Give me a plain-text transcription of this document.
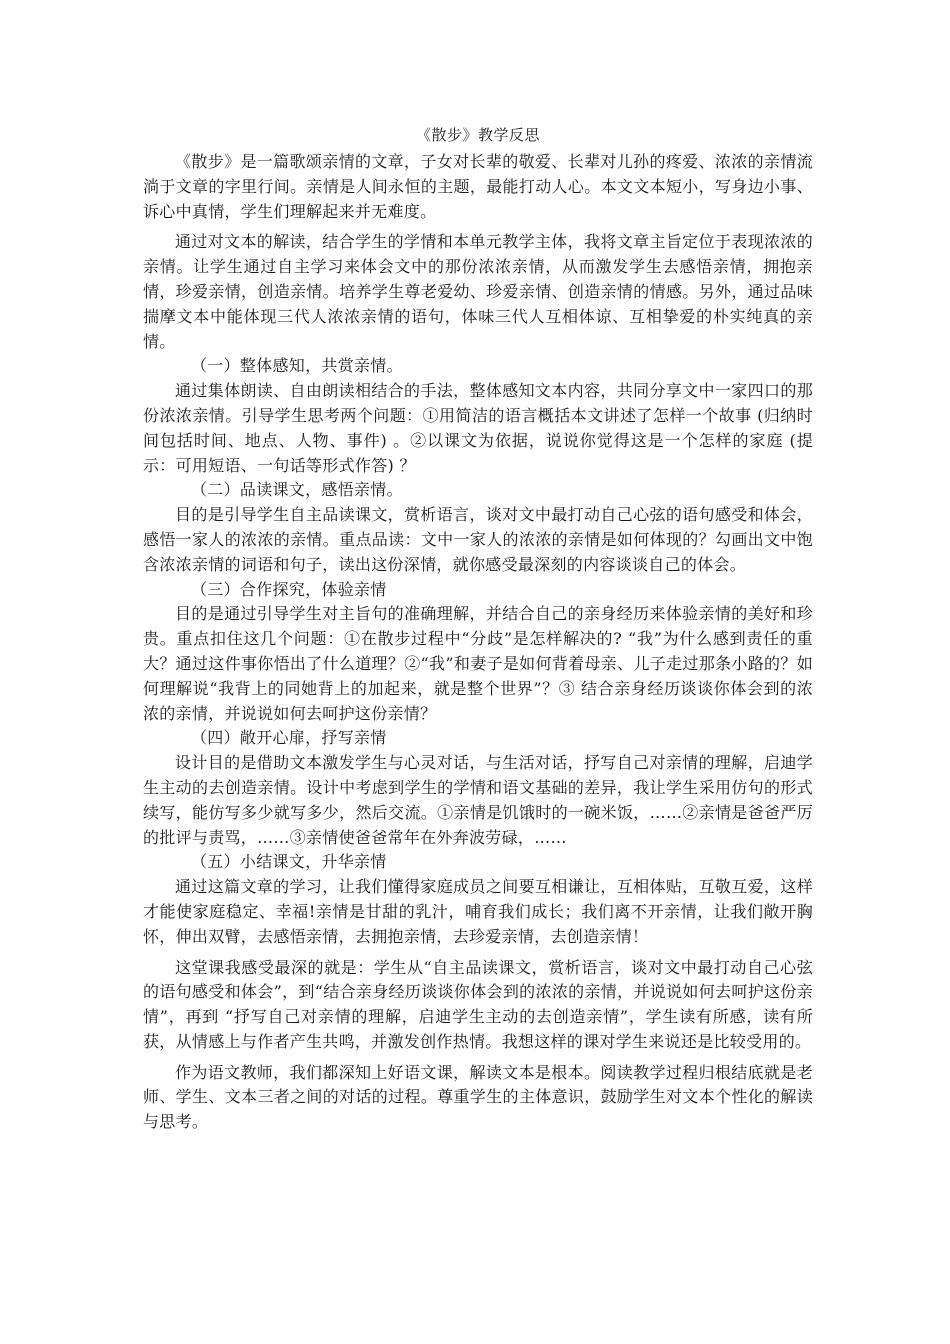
《散步》教学反思

《散步》是一篇歌颂亲情的文章，子女对长辈的敬爱、长辈对儿孙的疼爱、浓浓的亲情流淌于文章的字里行间。亲情是人间永恒的主题，最能打动人心。本文文本短小，写身边小事、诉心中真情，学生们理解起来并无难度。

通过对文本的解读，结合学生的学情和本单元教学主体，我将文章主旨定位于表现浓浓的亲情。让学生通过自主学习来体会文中的那份浓浓亲情，从而激发学生去感悟亲情，拥抱亲情，珍爱亲情，创造亲情。培养学生尊老爱幼、珍爱亲情、创造亲情的情感。另外，通过品味揣摩文本中能体现三代人浓浓亲情的语句，体味三代人互相体谅、互相挚爱的朴实纯真的亲情。

（一）整体感知，共赏亲情。

通过集体朗读、自由朗读相结合的手法，整体感知文本内容，共同分享文中一家四口的那份浓浓亲情。引导学生思考两个问题：①用简洁的语言概括本文讲述了怎样一个故事 (归纳时间包括时间、地点、人物、事件) 。②以课文为依据，说说你觉得这是一个怎样的家庭 (提示：可用短语、一句话等形式作答) ？

（二）品读课文，感悟亲情。

目的是引导学生自主品读课文，赏析语言，谈对文中最打动自己心弦的语句感受和体会，感悟一家人的浓浓的亲情。重点品读：文中一家人的浓浓的亲情是如何体现的？勾画出文中饱含浓浓亲情的词语和句子，读出这份深情，就你感受最深刻的内容谈谈自己的体会。

（三）合作探究，体验亲情

目的是通过引导学生对主旨句的准确理解，并结合自己的亲身经历来体验亲情的美好和珍贵。重点扣住这几个问题：①在散步过程中“分歧”是怎样解决的? “我”为什么感到责任的重大？通过这件事你悟出了什么道理？②“我”和妻子是如何背着母亲、儿子走过那条小路的？如何理解说“我背上的同她背上的加起来，就是整个世界”？③ 结合亲身经历谈谈你体会到的浓浓的亲情，并说说如何去呵护这份亲情？

（四）敞开心扉，抒写亲情

设计目的是借助文本激发学生与心灵对话，与生活对话，抒写自己对亲情的理解，启迪学生主动的去创造亲情。设计中考虑到学生的学情和语文基础的差异，我让学生采用仿句的形式续写，能仿写多少就写多少，然后交流。①亲情是饥饿时的一碗米饭，……②亲情是爸爸严厉的批评与责骂，……③亲情使爸爸常年在外奔波劳碌，……

（五）小结课文，升华亲情

通过这篇文章的学习，让我们懂得家庭成员之间要互相谦让，互相体贴，互敬互爱，这样才能使家庭稳定、幸福!亲情是甘甜的乳汁，哺育我们成长；我们离不开亲情，让我们敞开胸怀，伸出双臂，去感悟亲情，去拥抱亲情，去珍爱亲情，去创造亲情！

这堂课我感受最深的就是：学生从“自主品读课文，赏析语言，谈对文中最打动自己心弦的语句感受和体会”，到“结合亲身经历谈谈你体会到的浓浓的亲情，并说说如何去呵护这份亲情”，再到 “抒写自己对亲情的理解，启迪学生主动的去创造亲情”，学生读有所感，读有所获，从情感上与作者产生共鸣，并激发创作热情。我想这样的课对学生来说还是比较受用的。

作为语文教师，我们都深知上好语文课，解读文本是根本。阅读教学过程归根结底就是老师、学生、文本三者之间的对话的过程。尊重学生的主体意识，鼓励学生对文本个性化的解读与思考。
